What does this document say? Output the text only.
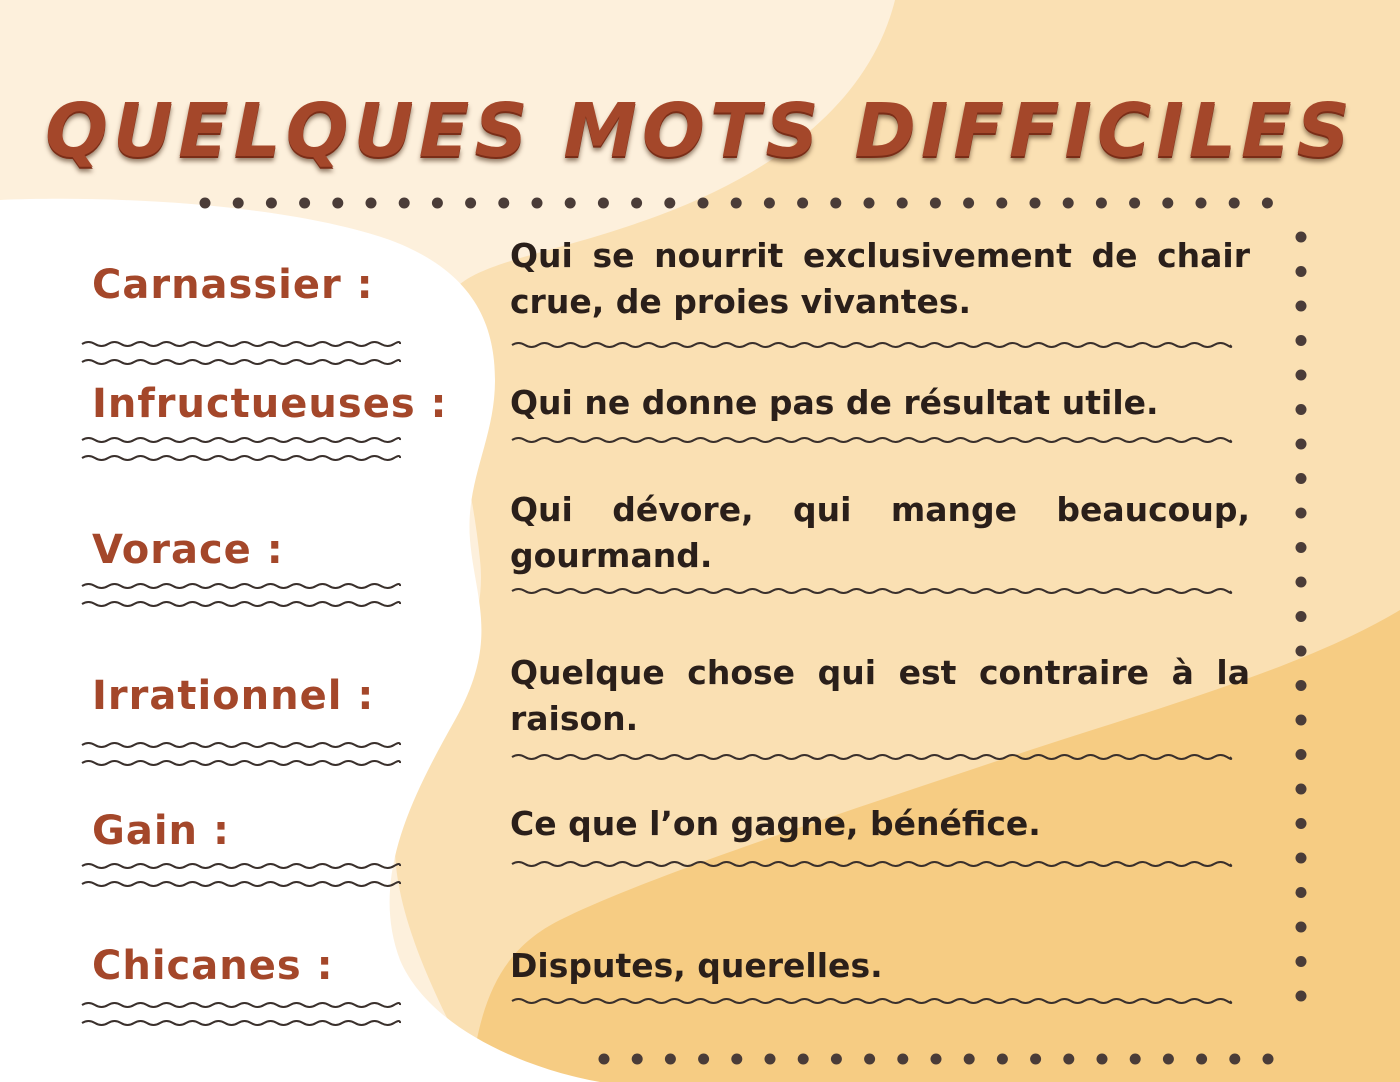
QUELQUES MOTS DIFFICILES

Carnassier :

Qui se nourrit exclusivement de chair crue, de proies vivantes.

Infructueuses : Qui ne donne pas de résultat utile.

Vorace :

Qui dévore, qui mange beaucoup, gourmand.

Irrationnel :

Quelque chose qui est contraire à la raison.

Gain :	Ce que l’on gagne, bénéfice.

Chicanes :	Disputes, querelles.
